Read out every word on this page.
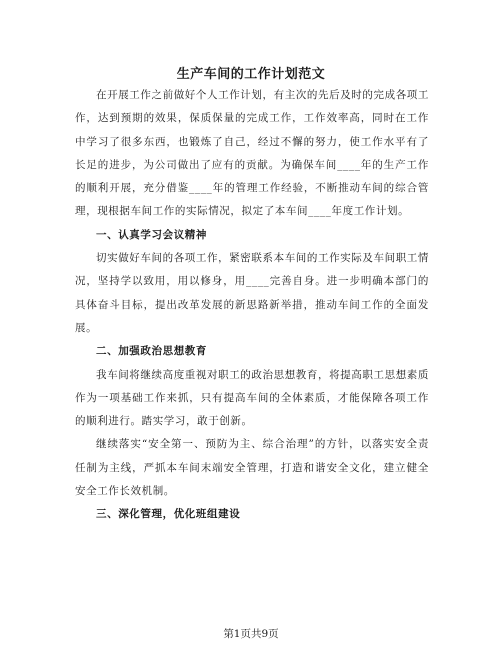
生产车间的工作计划范文

在开展工作之前做好个人工作计划，有主次的先后及时的完成各项工作，达到预期的效果，保质保量的完成工作，工作效率高，同时在工作中学习了很多东西，也锻炼了自己，经过不懈的努力，使工作水平有了长足的进步，为公司做出了应有的贡献。为确保车间____年的生产工作的顺利开展，充分借鉴____年的管理工作经验，不断推动车间的综合管理，现根据车间工作的实际情况，拟定了本车间____年度工作计划。

一、认真学习会议精神

切实做好车间的各项工作，紧密联系本车间的工作实际及车间职工情况，坚持学以致用，用以修身，用____完善自身。进一步明确本部门的具体奋斗目标，提出改革发展的新思路新举措，推动车间工作的全面发展。

二、加强政治思想教育

我车间将继续高度重视对职工的政治思想教育，将提高职工思想素质作为一项基础工作来抓，只有提高车间的全体素质，才能保障各项工作的顺利进行。踏实学习，敢于创新。

继续落实“安全第一、预防为主、综合治理”的方针，以落实安全责任制为主线，严抓本车间末端安全管理，打造和谐安全文化，建立健全安全工作长效机制。

三、深化管理，优化班组建设
第1页共9页
